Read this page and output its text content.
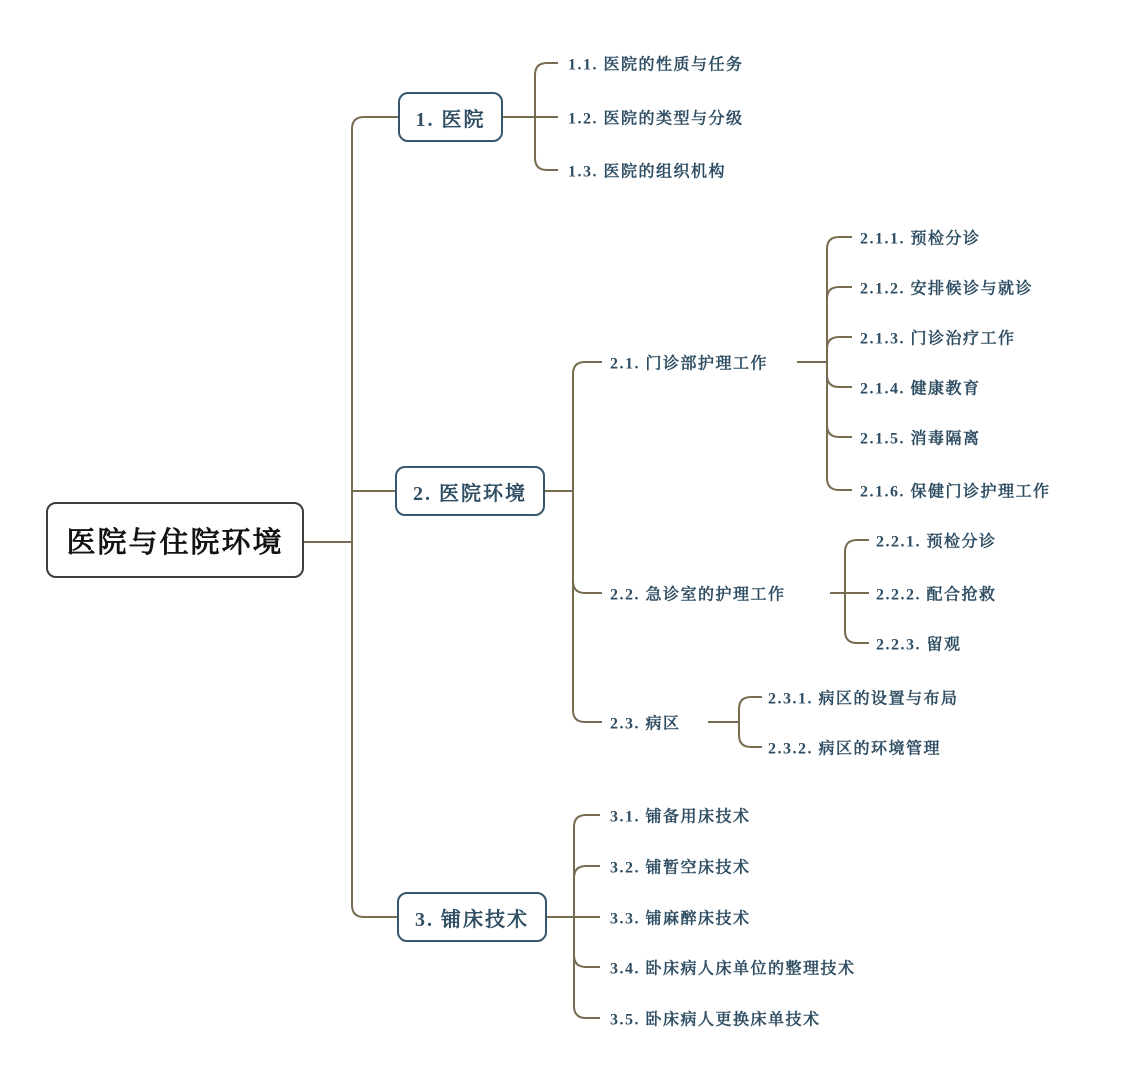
医院与住院环境
1. 医院
2. 医院环境
3. 铺床技术
1.1. 医院的性质与任务
1.2. 医院的类型与分级
1.3. 医院的组织机构
2.1. 门诊部护理工作
2.2. 急诊室的护理工作
2.3. 病区
2.1.1. 预检分诊
2.1.2. 安排候诊与就诊
2.1.3. 门诊治疗工作
2.1.4. 健康教育
2.1.5. 消毒隔离
2.1.6. 保健门诊护理工作
2.2.1. 预检分诊
2.2.2. 配合抢救
2.2.3. 留观
2.3.1. 病区的设置与布局
2.3.2. 病区的环境管理
3.1. 铺备用床技术
3.2. 铺暂空床技术
3.3. 铺麻醉床技术
3.4. 卧床病人床单位的整理技术
3.5. 卧床病人更换床单技术
